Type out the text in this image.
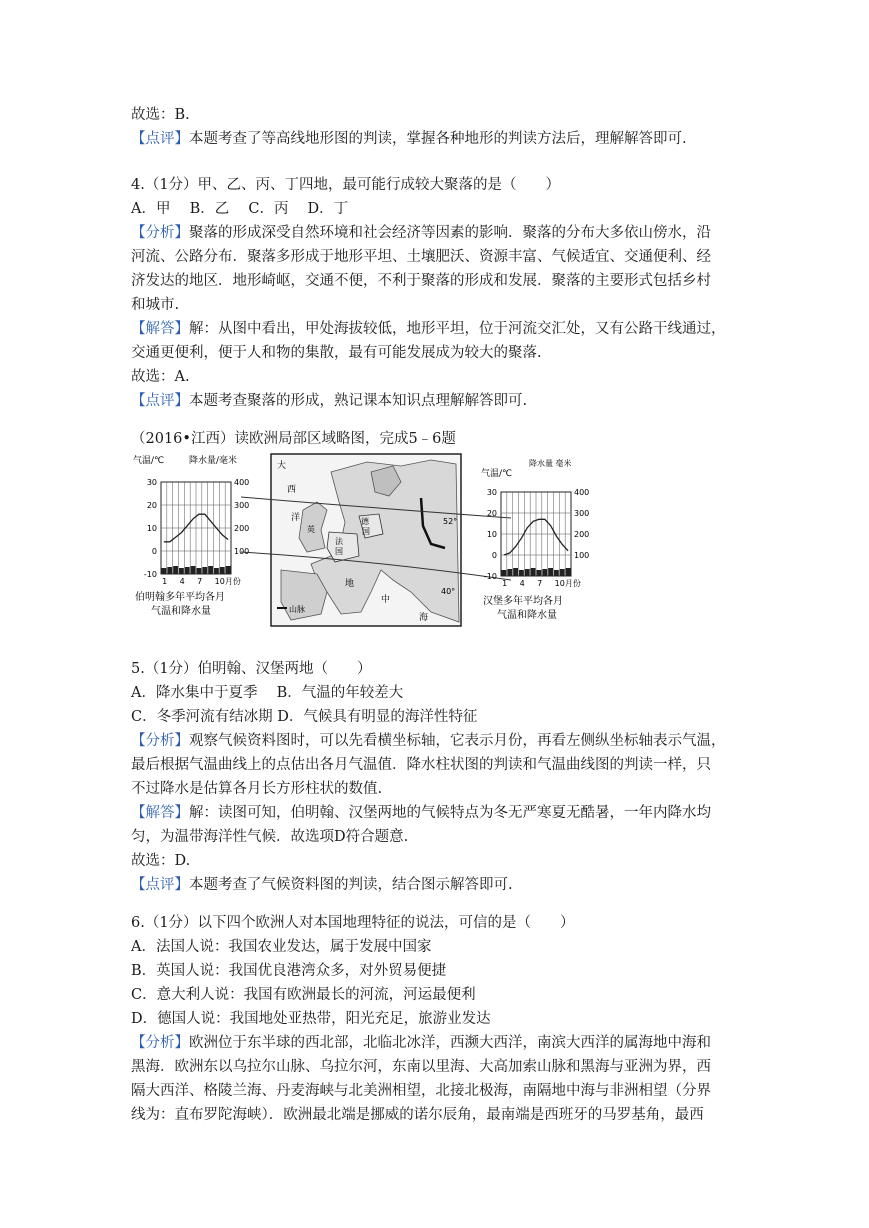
故选：B.
【点评】本题考查了等高线地形图的判读，掌握各种地形的判读方法后，理解解答即可.
4.（1分）甲、乙、丙、丁四地，最可能行成较大聚落的是（　　）
A．甲　 B．乙　 C．丙　 D．丁
【分析】聚落的形成深受自然环境和社会经济等因素的影响．聚落的分布大多依山傍水，沿
河流、公路分布．聚落多形成于地形平坦、土壤肥沃、资源丰富、气候适宜、交通便利、经
济发达的地区．地形崎岖，交通不便，不利于聚落的形成和发展．聚落的主要形式包括乡村
和城市.
【解答】解：从图中看出，甲处海拔较低，地形平坦，位于河流交汇处，又有公路干线通过，
交通更便利，便于人和物的集散，最有可能发展成为较大的聚落.
故选：A.
【点评】本题考查聚落的形成，熟记课本知识点理解解答即可.
（2016•江西）读欧洲局部区域略图，完成5﹣6题
5.（1分）伯明翰、汉堡两地（　　）
A．降水集中于夏季　 B．气温的年较差大
C．冬季河流有结冰期 D．气候具有明显的海洋性特征
【分析】观察气候资料图时，可以先看横坐标轴，它表示月份，再看左侧纵坐标轴表示气温，
最后根据气温曲线上的点估出各月气温值．降水柱状图的判读和气温曲线图的判读一样，只
不过降水是估算各月长方形柱状的数值.
【解答】解：读图可知，伯明翰、汉堡两地的气候特点为冬无严寒夏无酷暑，一年内降水均
匀，为温带海洋性气候．故选项D符合题意.
故选：D.
【点评】本题考查了气候资料图的判读，结合图示解答即可.
6.（1分）以下四个欧洲人对本国地理特征的说法，可信的是（　　）
A．法国人说：我国农业发达，属于发展中国家
B．英国人说：我国优良港湾众多，对外贸易便捷
C．意大利人说：我国有欧洲最长的河流，河运最便利
D．德国人说：我国地处亚热带，阳光充足，旅游业发达
【分析】欧洲位于东半球的西北部，北临北冰洋，西濒大西洋，南滨大西洋的属海地中海和
黑海．欧洲东以乌拉尔山脉、乌拉尔河，东南以里海、大高加索山脉和黑海与亚洲为界，西
隔大西洋、格陵兰海、丹麦海峡与北美洲相望，北接北极海，南隔地中海与非洲相望（分界
线为：直布罗陀海峡）．欧洲最北端是挪威的诺尔辰角，最南端是西班牙的马罗基角，最西
气温/℃	降水量/毫米
30
20
10
0
-10
400
300
200
100
1 4 7 10月份
伯明翰多年平均各月
气温和降水量
大
西
洋	德
国
法
国
英
地
中
海
52°
40°
山脉
气温/℃
降水量 毫米
30
20
10
0
-10
400
300
200
100
1 4 7 10月份
汉堡多年平均各月
气温和降水量
